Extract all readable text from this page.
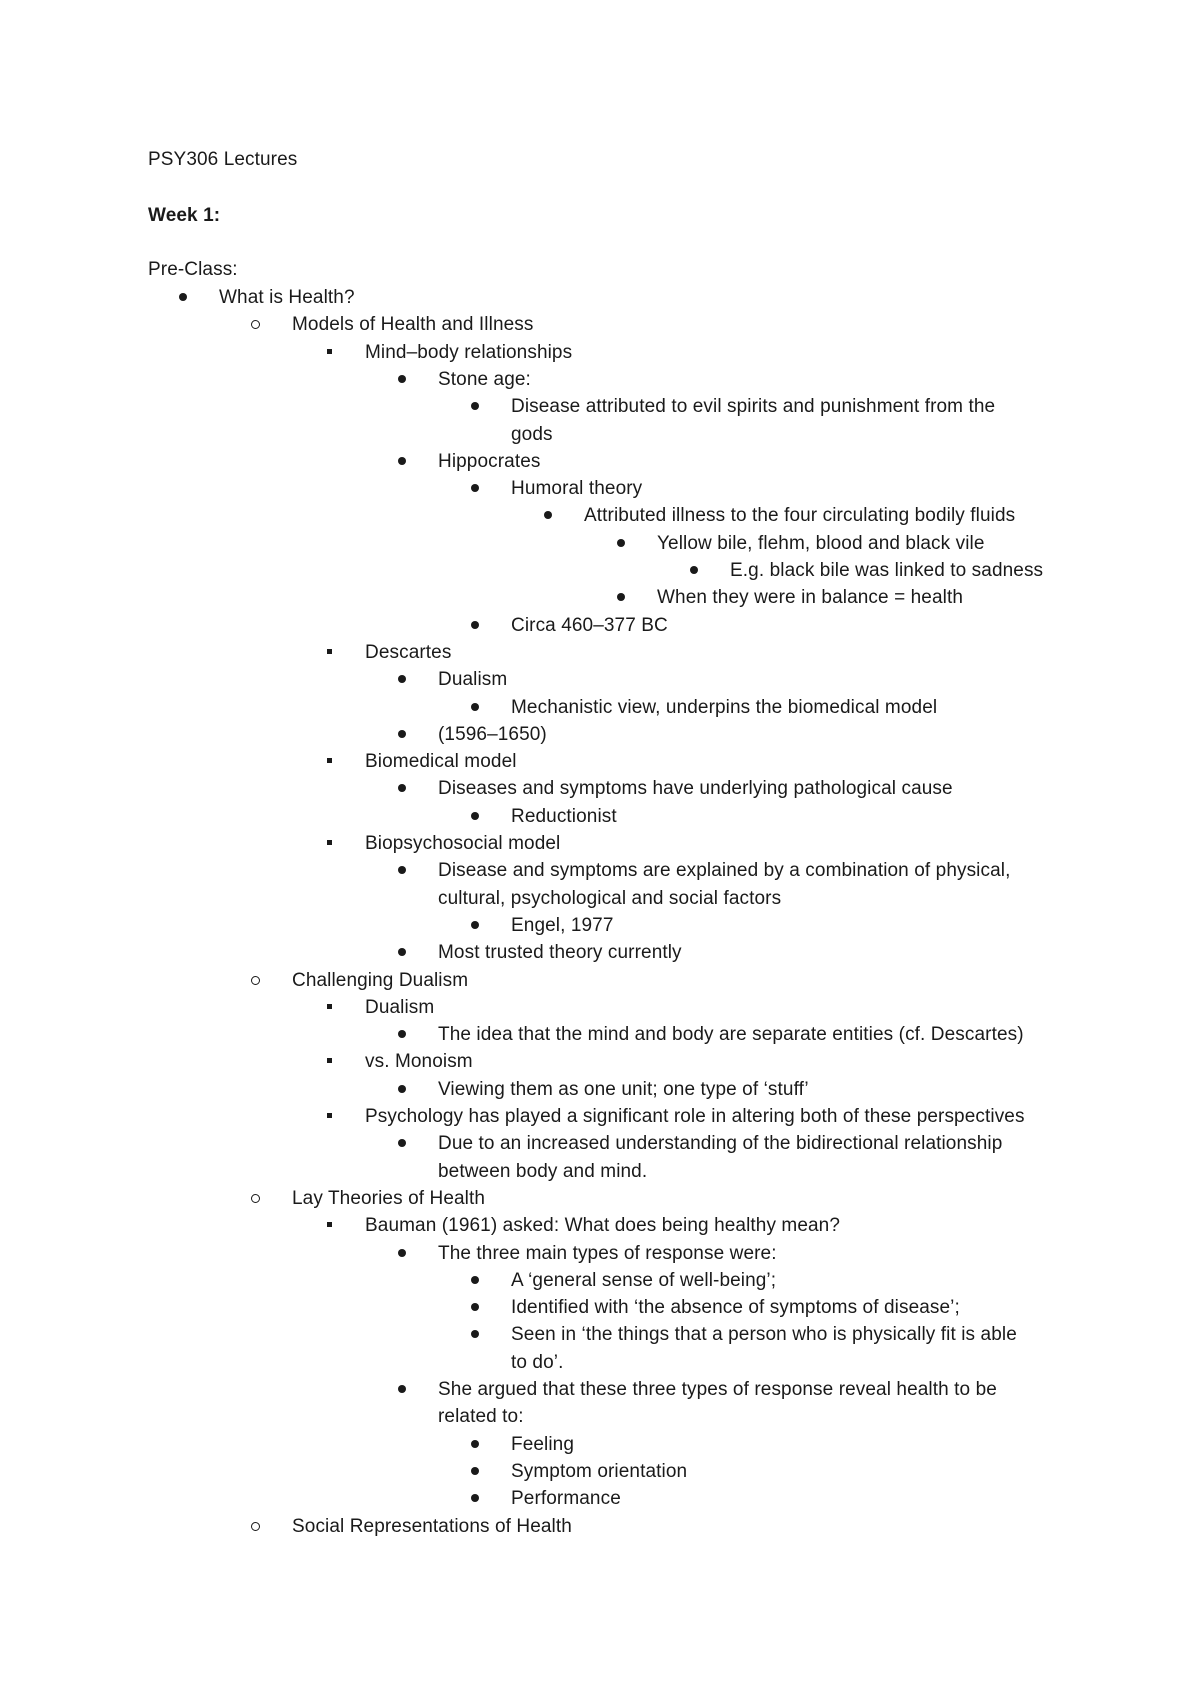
PSY306 Lectures
Week 1:
Pre-Class:
What is Health?
Models of Health and Illness
Mind–body relationships
Stone age:
Disease attributed to evil spirits and punishment from the
gods
Hippocrates
Humoral theory
Attributed illness to the four circulating bodily fluids
Yellow bile, flehm, blood and black vile
E.g. black bile was linked to sadness
When they were in balance = health
Circa 460–377 BC
Descartes
Dualism
Mechanistic view, underpins the biomedical model
(1596–1650)
Biomedical model
Diseases and symptoms have underlying pathological cause
Reductionist
Biopsychosocial model
Disease and symptoms are explained by a combination of physical,
cultural, psychological and social factors
Engel, 1977
Most trusted theory currently
Challenging Dualism
Dualism
The idea that the mind and body are separate entities (cf. Descartes)
vs. Monoism
Viewing them as one unit; one type of ‘stuff’
Psychology has played a significant role in altering both of these perspectives
Due to an increased understanding of the bidirectional relationship
between body and mind.
Lay Theories of Health
Bauman (1961) asked: What does being healthy mean?
The three main types of response were:
A ‘general sense of well-being’;
Identified with ‘the absence of symptoms of disease’;
Seen in ‘the things that a person who is physically fit is able
to do’.
She argued that these three types of response reveal health to be
related to:
Feeling
Symptom orientation
Performance
Social Representations of Health
